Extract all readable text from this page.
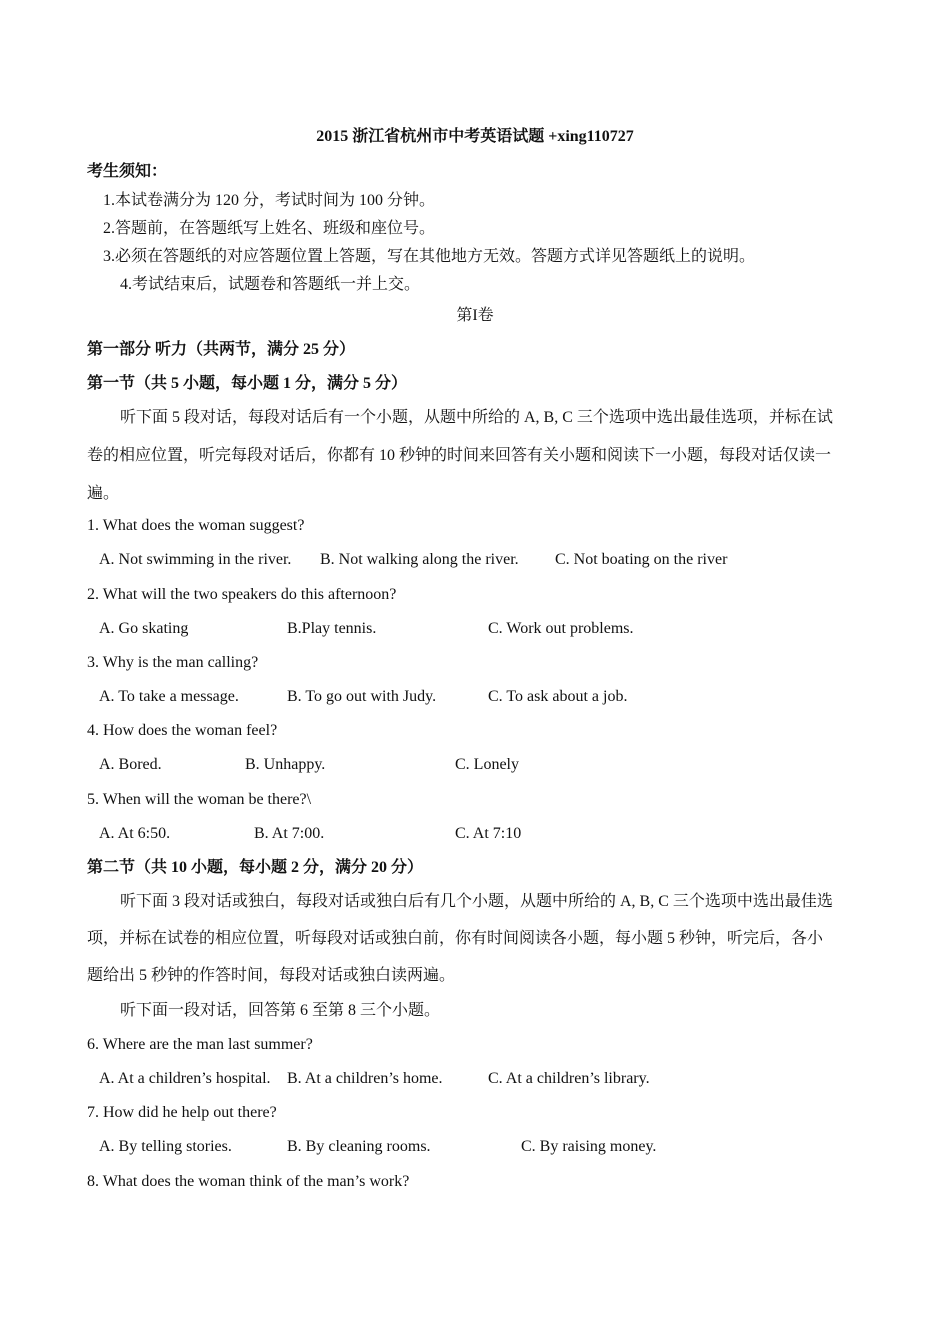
2015 浙江省杭州市中考英语试题 +xing110727
考生须知：
1.本试卷满分为 120 分，考试时间为 100 分钟。
2.答题前，在答题纸写上姓名、班级和座位号。
3.必须在答题纸的对应答题位置上答题，写在其他地方无效。答题方式详见答题纸上的说明。
4.考试结束后，试题卷和答题纸一并上交。
第I卷
第一部分 听力（共两节，满分 25 分）
第一节（共 5 小题，每小题 1 分，满分 5 分）
听下面 5 段对话，每段对话后有一个小题，从题中所给的 A, B, C 三个选项中选出最佳选项，并标在试
卷的相应位置，听完每段对话后，你都有 10 秒钟的时间来回答有关小题和阅读下一小题，每段对话仅读一
遍。
1. What does the woman suggest?
A. Not swimming in the river. B. Not walking along the river. C. Not boating on the river
2. What will the two speakers do this afternoon?
A. Go skating	B.Play tennis.	C. Work out problems.
3. Why is the man calling?
A. To take a message.	B. To go out with Judy.	C. To ask about a job.
4. How does the woman feel?
A. Bored.	B. Unhappy.	C. Lonely
5. When will the woman be there?\
A. At 6:50.	B. At 7:00.	C. At 7:10
第二节（共 10 小题，每小题 2 分，满分 20 分）
听下面 3 段对话或独白，每段对话或独白后有几个小题，从题中所给的 A, B, C 三个选项中选出最佳选
项，并标在试卷的相应位置，听每段对话或独白前，你有时间阅读各小题，每小题 5 秒钟，听完后，各小
题给出 5 秒钟的作答时间，每段对话或独白读两遍。
听下面一段对话，回答第 6 至第 8 三个小题。
6. Where are the man last summer?
A. At a children’s hospital. B. At a children’s home.	C. At a children’s library.
7. How did he help out there?
A. By telling stories.	B. By cleaning rooms.	C. By raising money.
8. What does the woman think of the man’s work?
